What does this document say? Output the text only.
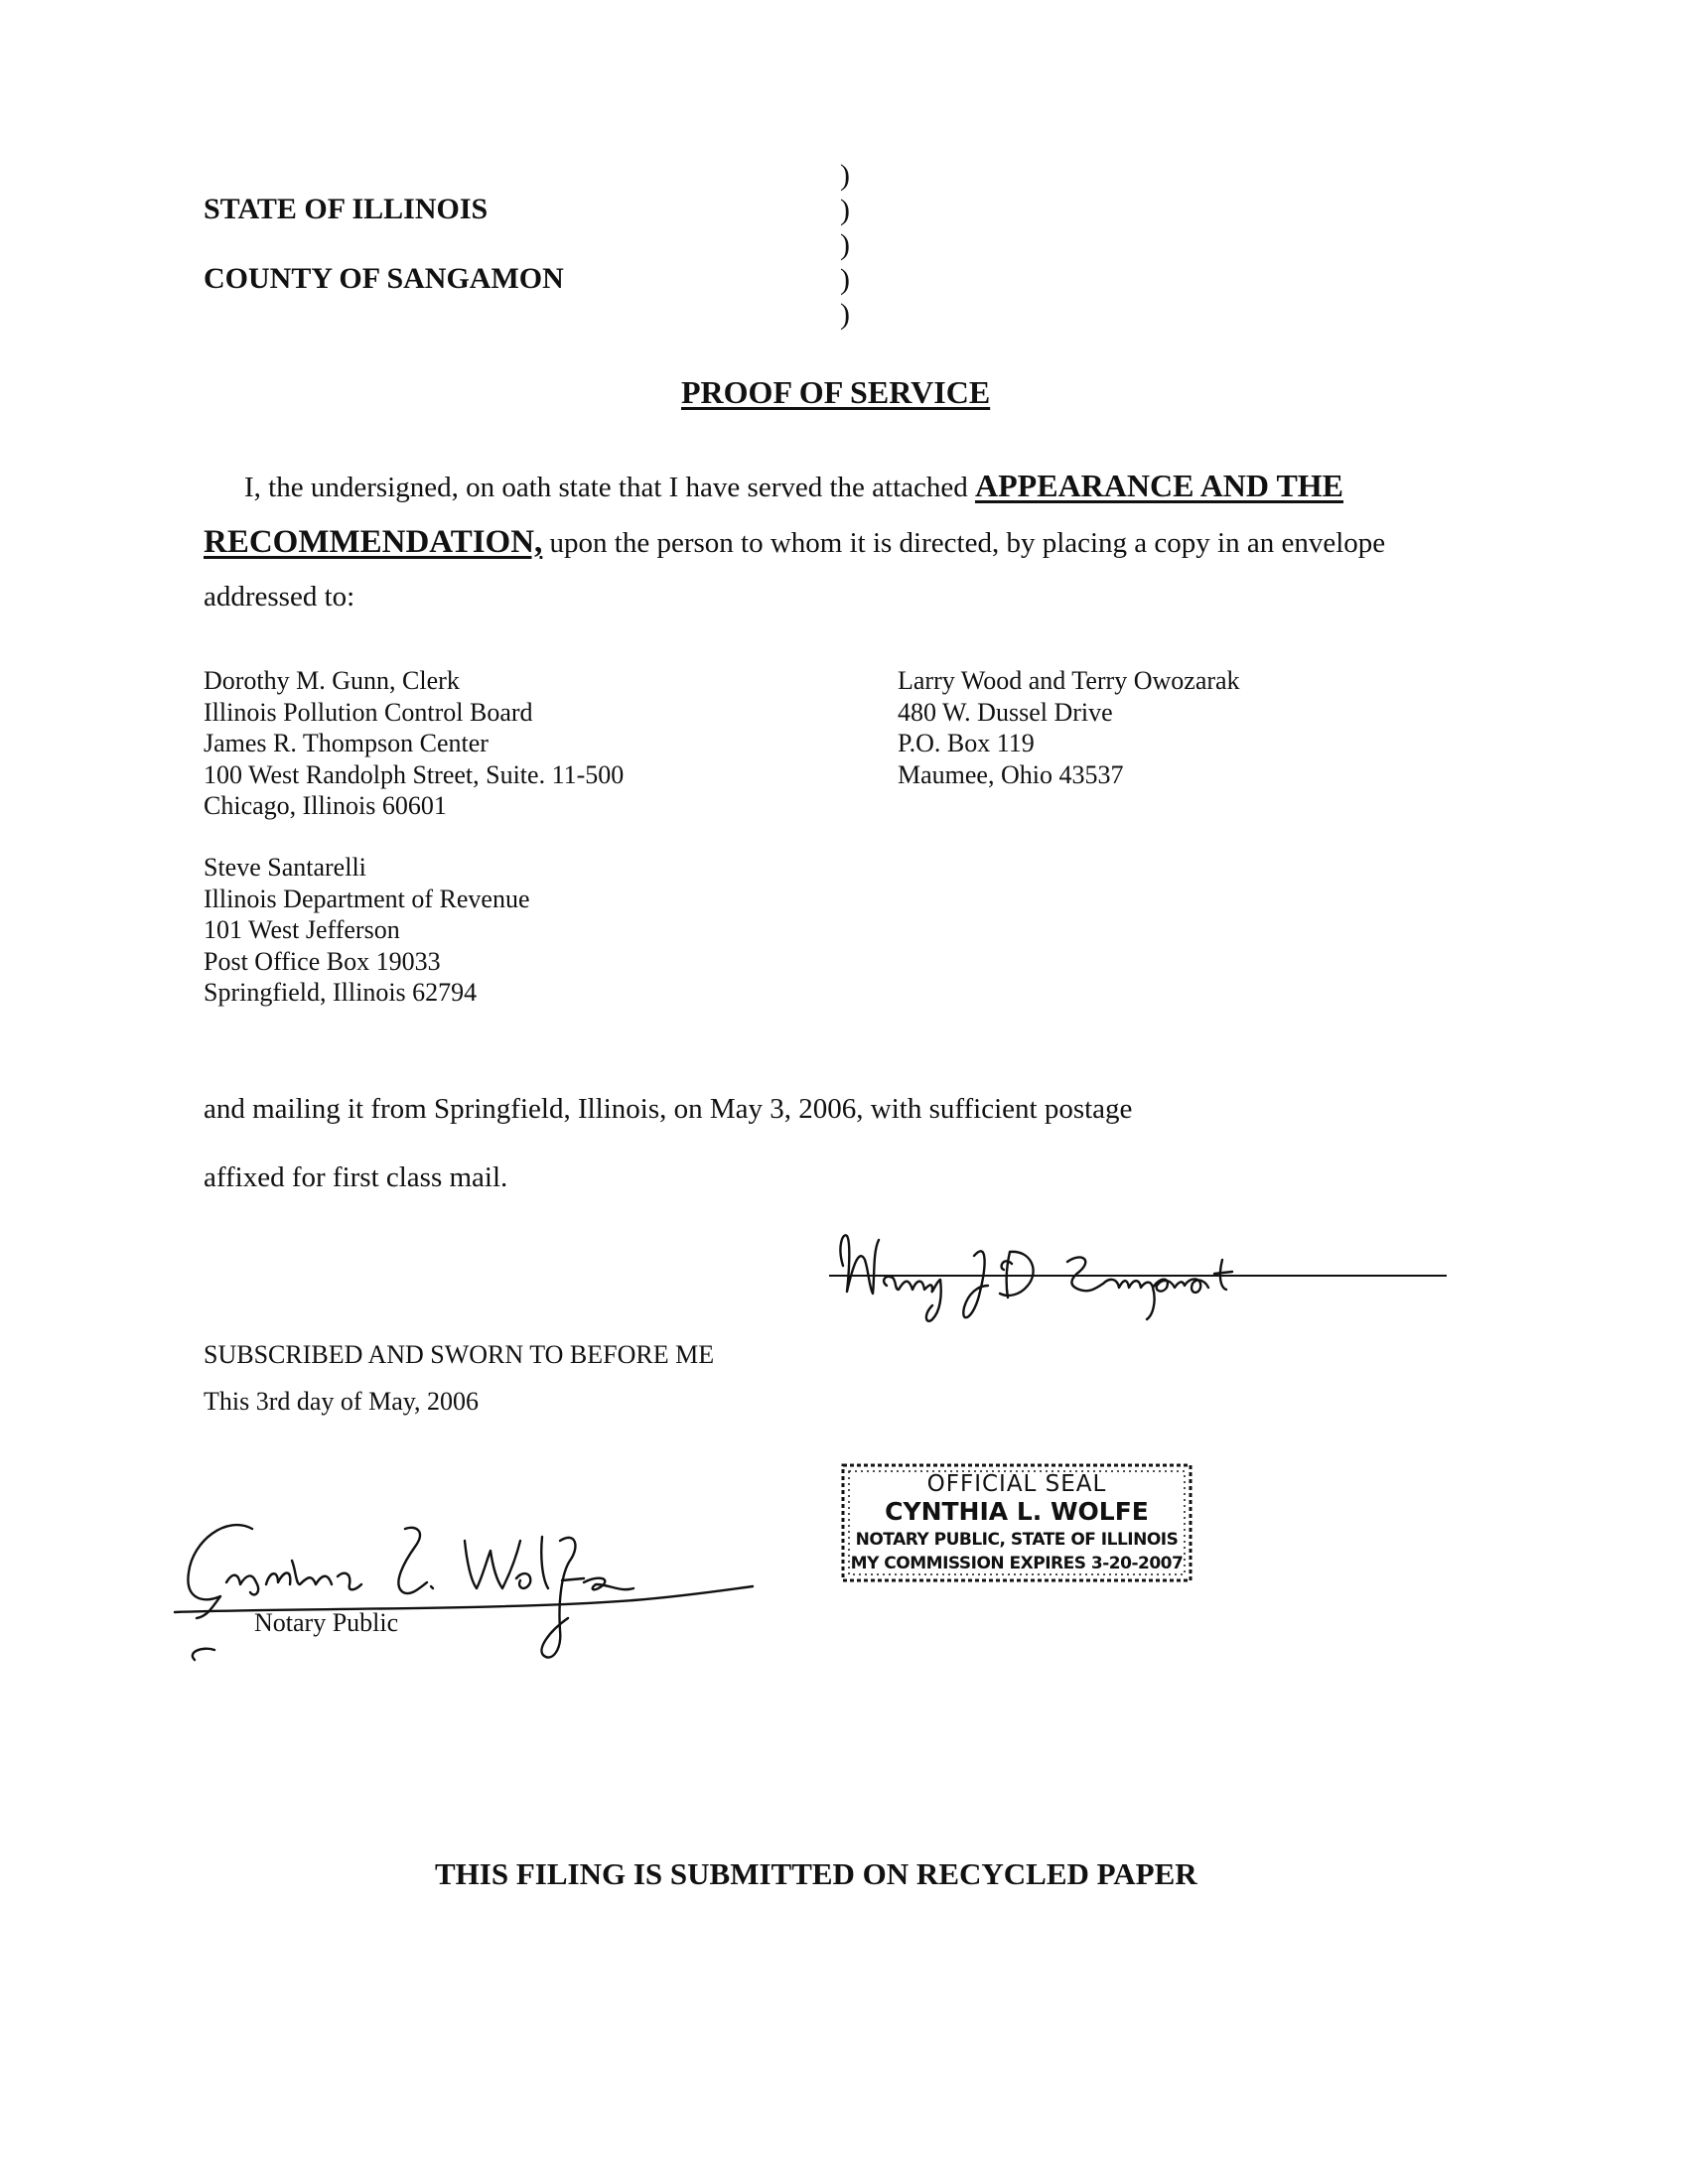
STATE OF ILLINOIS
COUNTY OF SANGAMON
)
)
)
)
)
PROOF OF SERVICE
I, the undersigned, on oath state that I have served the attached APPEARANCE AND THE
RECOMMENDATION, upon the person to whom it is directed, by placing a copy in an envelope
addressed to:
Dorothy M. Gunn, Clerk
Illinois Pollution Control Board
James R. Thompson Center
100 West Randolph Street, Suite. 11-500
Chicago, Illinois 60601
Steve Santarelli
Illinois Department of Revenue
101 West Jefferson
Post Office Box 19033
Springfield, Illinois 62794
Larry Wood and Terry Owozarak
480 W. Dussel Drive
P.O. Box 119
Maumee, Ohio 43537
and mailing it from Springfield, Illinois, on May 3, 2006, with sufficient postage
affixed for first class mail.
SUBSCRIBED AND SWORN TO BEFORE ME
This 3rd day of May, 2006
Notary Public
OFFICIAL SEAL
CYNTHIA L. WOLFE
NOTARY PUBLIC, STATE OF ILLINOIS
MY COMMISSION EXPIRES 3-20-2007
THIS FILING IS SUBMITTED ON RECYCLED PAPER
